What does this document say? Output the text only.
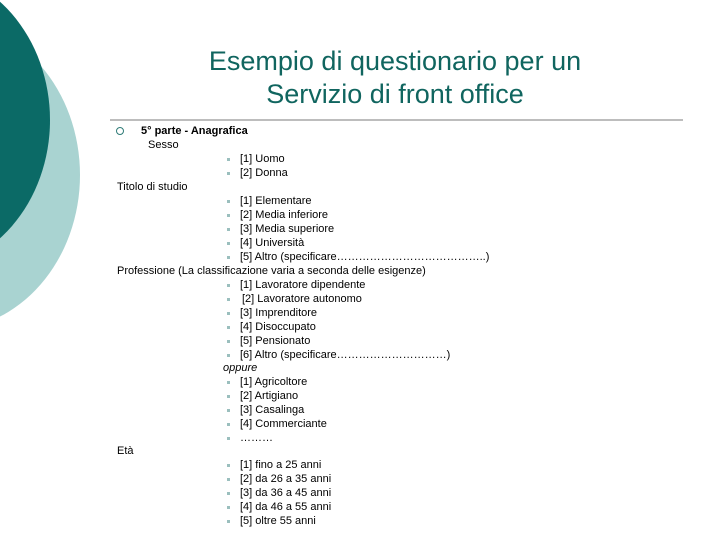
Esempio di questionario per un
Servizio di front office
5° parte - Anagrafica
Sesso
[1] Uomo
[2] Donna
Titolo di studio
[1] Elementare
[2] Media inferiore
[3] Media superiore
[4] Università
[5] Altro (specificare…………………………………..)
Professione (La classificazione varia a seconda delle esigenze)
[1] Lavoratore dipendente
[2] Lavoratore autonomo
[3] Imprenditore
[4] Disoccupato
[5] Pensionato
[6] Altro (specificare…………………………)
oppure
[1] Agricoltore
[2] Artigiano
[3] Casalinga
[4] Commerciante
………
Età
[1] fino a 25 anni
[2] da 26 a 35 anni
[3] da 36 a 45 anni
[4] da 46 a 55 anni
[5] oltre 55 anni
